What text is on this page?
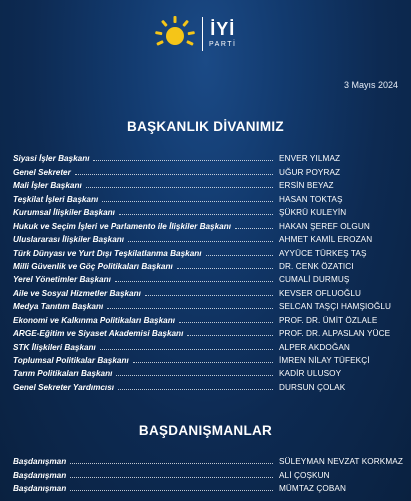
İYİ
PARTİ
3 Mayıs 2024
BAŞKANLIK DİVANIMIZ
Siyasi İşler Başkanı	ENVER YILMAZ
Genel Sekreter	UĞUR POYRAZ
Mali İşler Başkanı	ERSİN BEYAZ
Teşkilat İşleri Başkanı	HASAN TOKTAŞ
Kurumsal İlişkiler Başkanı	ŞÜKRÜ KULEYİN
Hukuk ve Seçim İşleri ve Parlamento ile İlişkiler Başkanı	HAKAN ŞEREF OLGUN
Uluslararası İlişkiler Başkanı	AHMET KAMİL EROZAN
Türk Dünyası ve Yurt Dışı Teşkilatlanma Başkanı	AYYÜCE TÜRKEŞ TAŞ
Milli Güvenlik ve Göç Politikaları Başkanı	DR. CENK ÖZATICI
Yerel Yönetimler Başkanı	CUMALİ DURMUŞ
Aile ve Sosyal Hizmetler Başkanı	KEVSER OFLUOĞLU
Medya Tanıtım Başkanı	SELCAN TAŞÇI HAMŞIOĞLU
Ekonomi ve Kalkınma Politikaları Başkanı	PROF. DR. ÜMİT ÖZLALE
ARGE-Eğitim ve Siyaset Akademisi Başkanı	PROF. DR. ALPASLAN YÜCE
STK İlişkileri Başkanı	ALPER AKDOĞAN
Toplumsal Politikalar Başkanı	İMREN NİLAY TÜFEKÇİ
Tarım Politikaları Başkanı	KADİR ULUSOY
Genel Sekreter Yardımcısı	DURSUN ÇOLAK
BAŞDANIŞMANLAR
Başdanışman	SÜLEYMAN NEVZAT KORKMAZ
Başdanışman	ALİ ÇOŞKUN
Başdanışman	MÜMTAZ ÇOBAN
